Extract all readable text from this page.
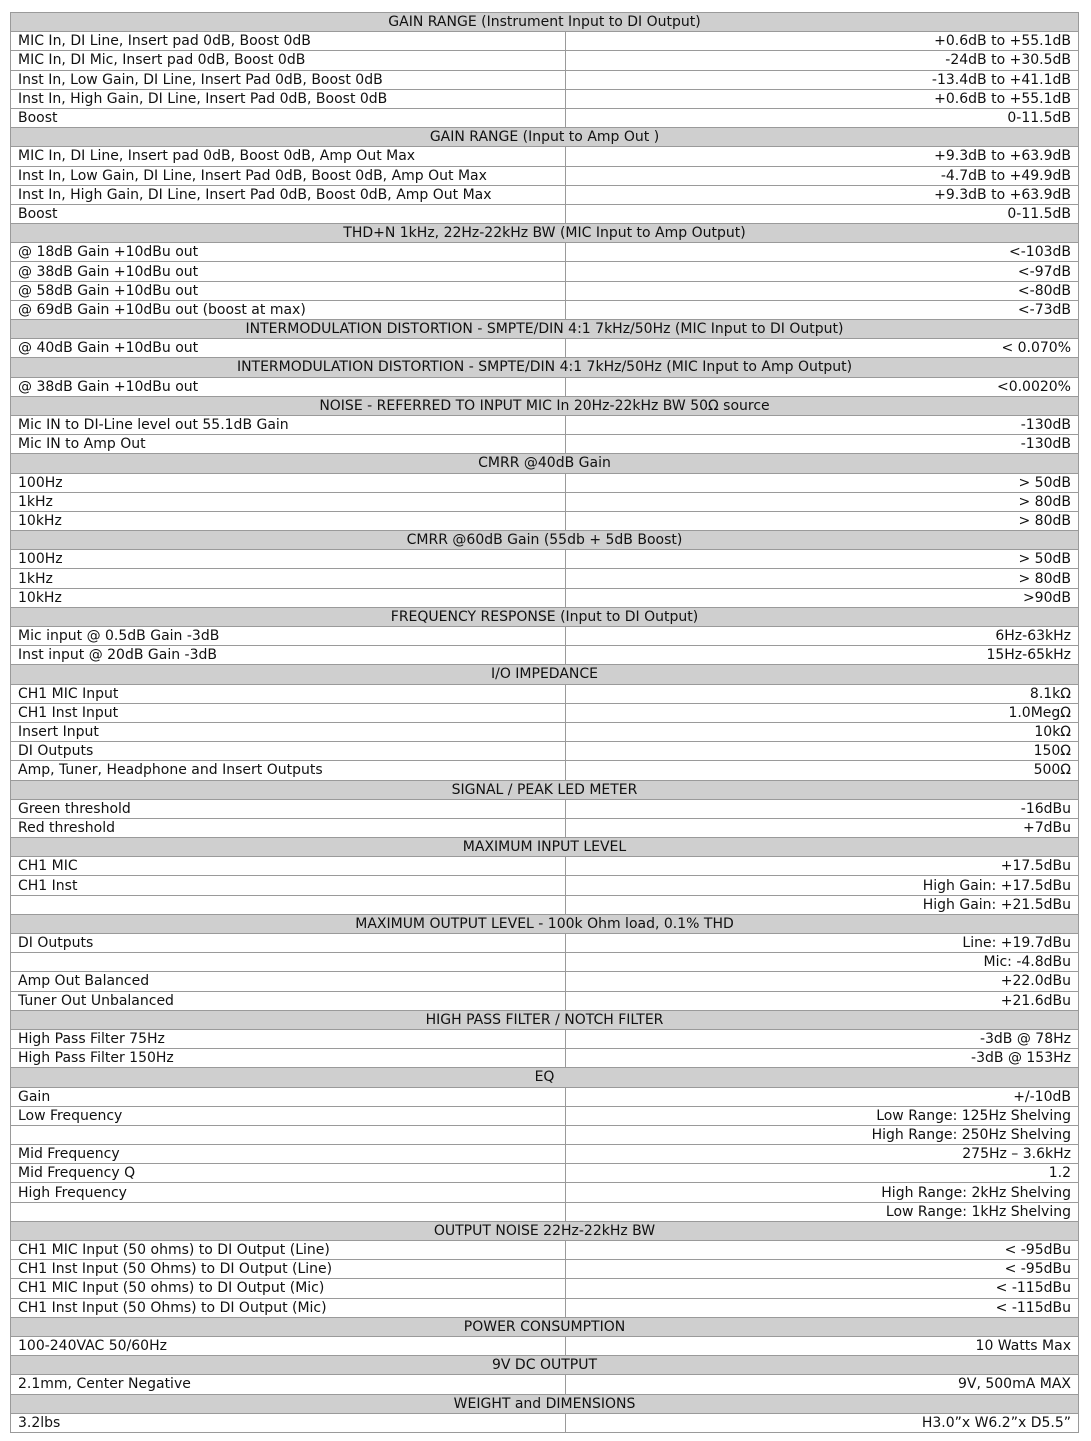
GAIN RANGE (Instrument Input to DI Output)	
MIC In, DI Line, Insert pad 0dB, Boost 0dB	+0.6dB to +55.1dB
MIC In, DI Mic, Insert pad 0dB, Boost 0dB	-24dB to +30.5dB
Inst In, Low Gain, DI Line, Insert Pad 0dB, Boost 0dB	-13.4dB to +41.1dB
Inst In, High Gain, DI Line, Insert Pad 0dB, Boost 0dB	+0.6dB to +55.1dB
Boost	0-11.5dB
GAIN RANGE (Input to Amp Out )	
MIC In, DI Line, Insert pad 0dB, Boost 0dB, Amp Out Max	+9.3dB to +63.9dB
Inst In, Low Gain, DI Line, Insert Pad 0dB, Boost 0dB, Amp Out Max	-4.7dB to +49.9dB
Inst In, High Gain, DI Line, Insert Pad 0dB, Boost 0dB, Amp Out Max	+9.3dB to +63.9dB
Boost	0-11.5dB
THD+N 1kHz, 22Hz-22kHz BW (MIC Input to Amp Output)	
@ 18dB Gain +10dBu out	<-103dB
@ 38dB Gain +10dBu out	<-97dB
@ 58dB Gain +10dBu out	<-80dB
@ 69dB Gain +10dBu out (boost at max)	<-73dB
INTERMODULATION DISTORTION - SMPTE/DIN 4:1 7kHz/50Hz (MIC Input to DI Output)	
@ 40dB Gain +10dBu out	< 0.070%
INTERMODULATION DISTORTION - SMPTE/DIN 4:1 7kHz/50Hz (MIC Input to Amp Output)	
@ 38dB Gain +10dBu out	<0.0020%
NOISE - REFERRED TO INPUT MIC In 20Hz-22kHz BW 50Ω source	
Mic IN to DI-Line level out 55.1dB Gain	-130dB
Mic IN to Amp Out	-130dB
CMRR @40dB Gain	
100Hz	> 50dB
1kHz	> 80dB
10kHz	> 80dB
CMRR @60dB Gain (55db + 5dB Boost)	
100Hz	> 50dB
1kHz	> 80dB
10kHz	>90dB
FREQUENCY RESPONSE (Input to DI Output)	
Mic input @ 0.5dB Gain -3dB	6Hz-63kHz
Inst input @ 20dB Gain -3dB	15Hz-65kHz
I/O IMPEDANCE	
CH1 MIC Input	8.1kΩ
CH1 Inst Input	1.0MegΩ
Insert Input	10kΩ
DI Outputs	150Ω
Amp, Tuner, Headphone and Insert Outputs	500Ω
SIGNAL / PEAK LED METER	
Green threshold	-16dBu
Red threshold	+7dBu
MAXIMUM INPUT LEVEL	
CH1 MIC	+17.5dBu
CH1 Inst	High Gain: +17.5dBu
	High Gain: +21.5dBu
MAXIMUM OUTPUT LEVEL - 100k Ohm load, 0.1% THD	
DI Outputs	Line: +19.7dBu
	Mic: -4.8dBu
Amp Out Balanced	+22.0dBu
Tuner Out Unbalanced	+21.6dBu
HIGH PASS FILTER / NOTCH FILTER	
High Pass Filter 75Hz	-3dB @ 78Hz
High Pass Filter 150Hz	-3dB @ 153Hz
EQ	
Gain	+/-10dB
Low Frequency	Low Range: 125Hz Shelving
	High Range: 250Hz Shelving
Mid Frequency	275Hz – 3.6kHz
Mid Frequency Q	1.2
High Frequency	High Range: 2kHz Shelving
	Low Range: 1kHz Shelving
OUTPUT NOISE 22Hz-22kHz BW	
CH1 MIC Input (50 ohms) to DI Output (Line)	< -95dBu
CH1 Inst Input (50 Ohms) to DI Output (Line)	< -95dBu
CH1 MIC Input (50 ohms) to DI Output (Mic)	< -115dBu
CH1 Inst Input (50 Ohms) to DI Output (Mic)	< -115dBu
POWER CONSUMPTION	
100-240VAC 50/60Hz	10 Watts Max
9V DC OUTPUT	
2.1mm, Center Negative	9V, 500mA MAX
WEIGHT and DIMENSIONS	
3.2lbs	H3.0”x W6.2”x D5.5”
